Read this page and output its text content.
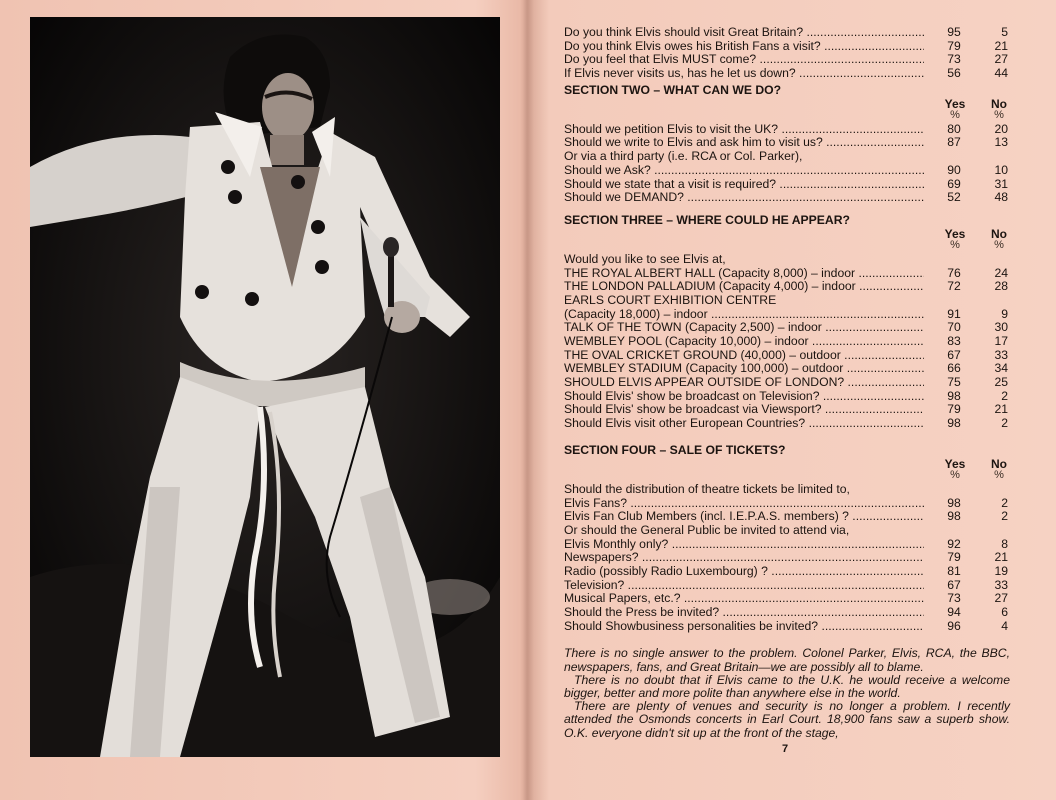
Do you think Elvis should visit Great Britain? .....	95	5
Do you think Elvis owes his British Fans a visit? .....	79	21
Do you feel that Elvis MUST come? .....	73	27
If Elvis never visits us, has he let us down? .....	56	44
SECTION TWO – WHAT CAN WE DO?
Yes	No
%	%
Should we petition Elvis to visit the UK? .....	80	20
Should we write to Elvis and ask him to visit us? .....	87	13
Or via a third party (i.e. RCA or Col. Parker),
Should we Ask? .....	90	10
Should we state that a visit is required? .....	69	31
Should we DEMAND? .....	52	48
SECTION THREE – WHERE COULD HE APPEAR?
Yes	No
%	%
Would you like to see Elvis at,
THE ROYAL ALBERT HALL (Capacity 8,000) – indoor .....	76	24
THE LONDON PALLADIUM (Capacity 4,000) – indoor .....	72	28
EARLS COURT EXHIBITION CENTRE
(Capacity 18,000) – indoor .....	91	9
TALK OF THE TOWN (Capacity 2,500) – indoor .....	70	30
WEMBLEY POOL (Capacity 10,000) – indoor .....	83	17
THE OVAL CRICKET GROUND (40,000) – outdoor .....	67	33
WEMBLEY STADIUM (Capacity 100,000) – outdoor .....	66	34
SHOULD ELVIS APPEAR OUTSIDE OF LONDON? .....	75	25
Should Elvis' show be broadcast on Television? .....	98	2
Should Elvis' show be broadcast via Viewsport? .....	79	21
Should Elvis visit other European Countries? .....	98	2
SECTION FOUR – SALE OF TICKETS?
Yes	No
%	%
Should the distribution of theatre tickets be limited to,
Elvis Fans? .....	98	2
Elvis Fan Club Members (incl. I.E.P.A.S. members) ? .....	98	2
Or should the General Public be invited to attend via,
Elvis Monthly only? .....	92	8
Newspapers? .....	79	21
Radio (possibly Radio Luxembourg) ? .....	81	19
Television? .....	67	33
Musical Papers, etc.? .....	73	27
Should the Press be invited? .....	94	6
Should Showbusiness personalities be invited? .....	96	4

There is no single answer to the problem. Colonel Parker, Elvis, RCA, the BBC, newspapers, fans, and Great Britain—we are possibly all to blame.

There is no doubt that if Elvis came to the U.K. he would receive a welcome bigger, better and more polite than anywhere else in the world.

There are plenty of venues and security is no longer a problem. I recently attended the Osmonds concerts in Earl Court. 18,900 fans saw a superb show. O.K. everyone didn't sit up at the front of the stage,

7
